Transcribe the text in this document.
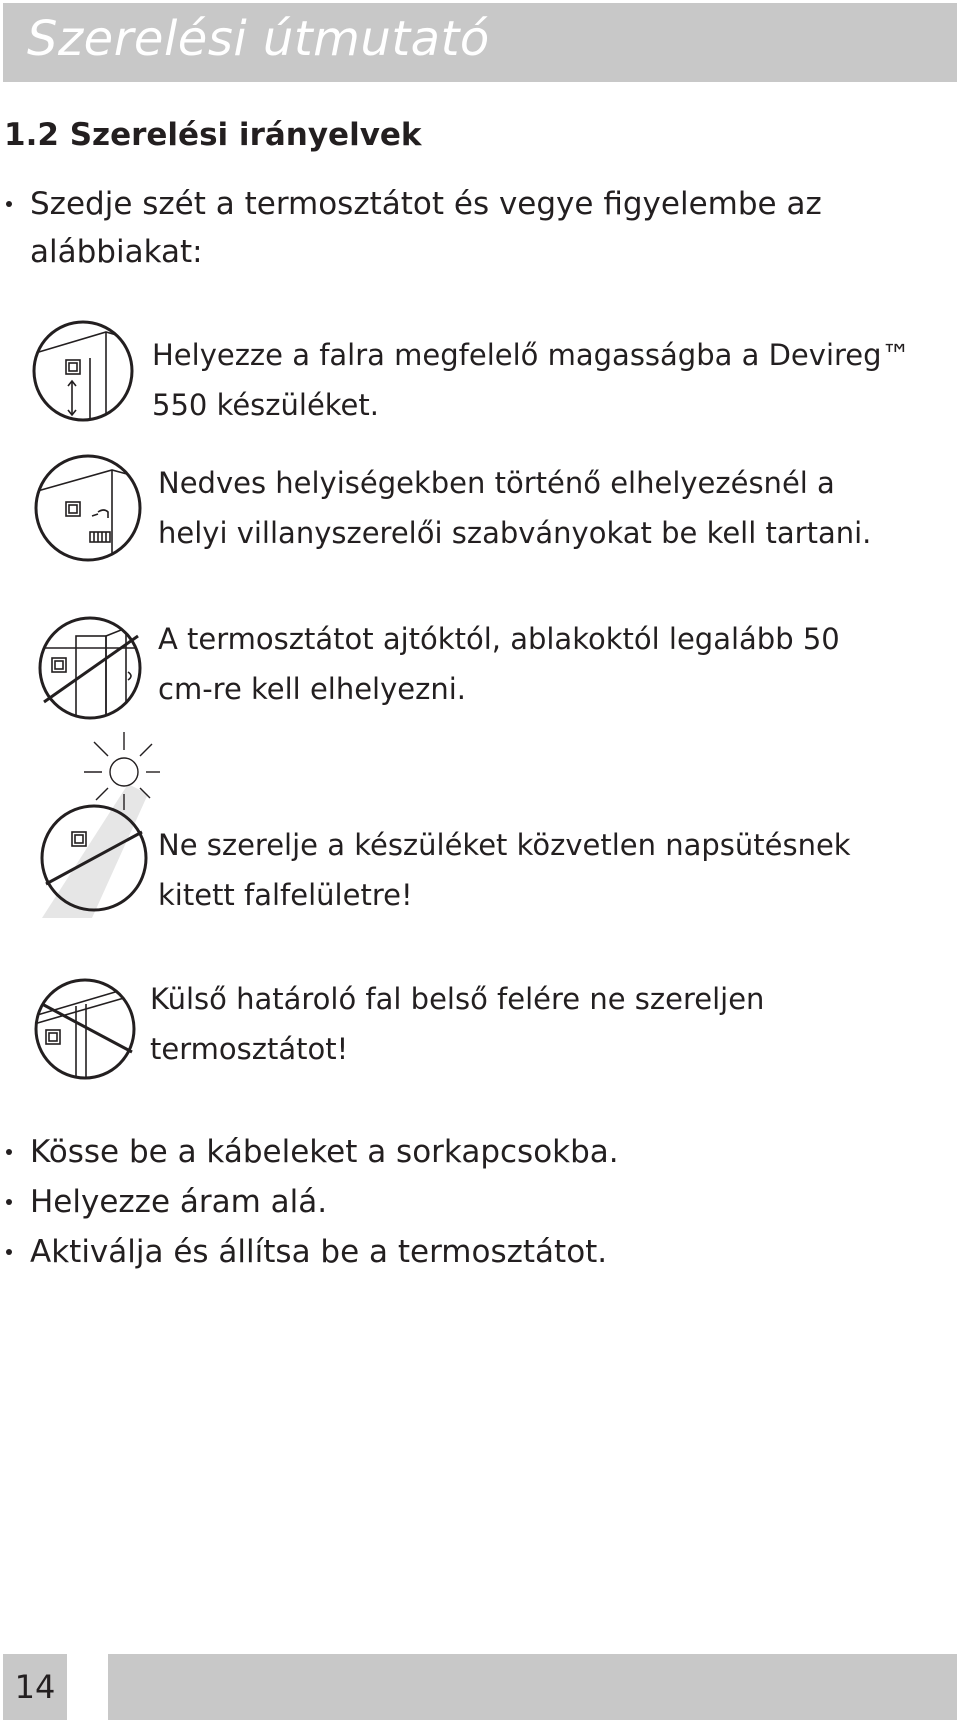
Szerelési útmutató
1.2 Szerelési irányelvek
Szedje szét a termosztátot és vegye figyelembe az
alábbiakat:
Helyezze a falra megfelelő magasságba a Devireg™
550 készüléket.
Nedves helyiségekben történő elhelyezésnél a
helyi villanyszerelői szabványokat be kell tartani.
A termosztátot ajtóktól, ablakoktól legalább 50
cm-re kell elhelyezni.
Ne szerelje a készüléket közvetlen napsütésnek
kitett falfelületre!
Külső határoló fal belső felére ne szereljen
termosztátot!
Kösse be a kábeleket a sorkapcsokba.
Helyezze áram alá.
Aktiválja és állítsa be a termosztátot.
14
